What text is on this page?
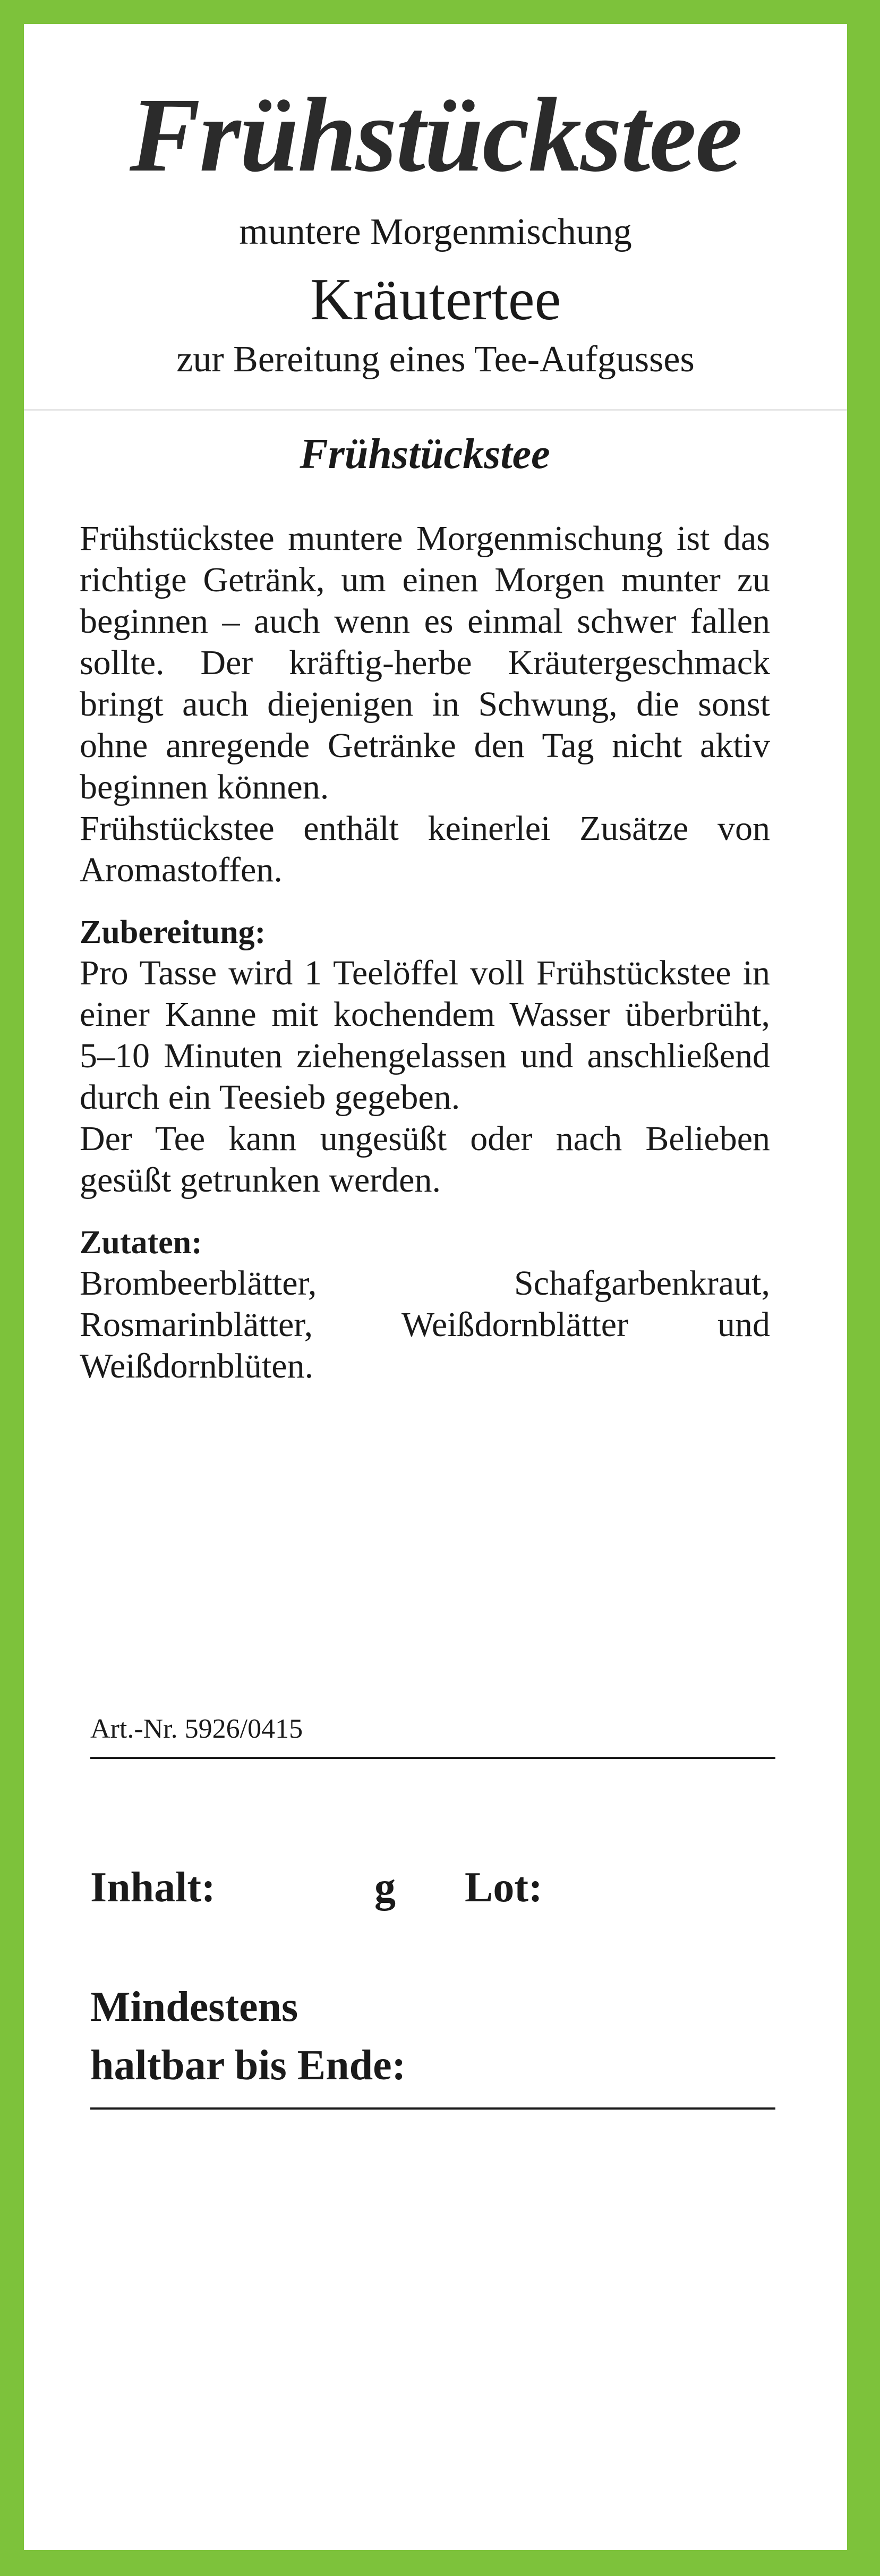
Frühstückstee
muntere Morgenmischung
Kräutertee
zur Bereitung eines Tee-Aufgusses
Frühstückstee

Frühstückstee muntere Morgenmischung ist das richtige Getränk, um einen Morgen munter zu beginnen – auch wenn es einmal schwer fallen sollte. Der kräftig-herbe Kräutergeschmack bringt auch diejenigen in Schwung, die sonst ohne anregende Getränke den Tag nicht aktiv beginnen können.

Frühstückstee enthält keinerlei Zusätze von Aromastoffen.

Zubereitung:

Pro Tasse wird 1 Teelöffel voll Frühstückstee in einer Kanne mit kochendem Wasser überbrüht, 5–10 Minuten ziehengelassen und anschließend durch ein Teesieb gegeben.

Der Tee kann ungesüßt oder nach Belieben gesüßt getrunken werden.

Zutaten:

Brombeerblätter, Schafgarbenkraut, Rosmarinblätter, Weißdornblätter und Weißdornblüten.

Art.-Nr. 5926/0415
Inhalt:	g Lot:
Mindestens
haltbar bis Ende:
